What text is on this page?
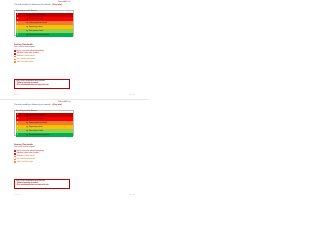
NaturalArt Ltd
The risk posed by a Hierarchy of controls... (Key info)
Reasonably practicable Measures
P	e.g. Avoid the risk completely
M	e.g. Substitute the hazard
A	e.g. Isolate people from hazard
T	e.g. Engineering controls
L	e.g. Safe systems of work
V	e.g. Personal protective equipment
Scoring Thresholds
Once a score has been assigned...
High = risk must be reduced immediately
Significant = plan action to reduce
Moderate = review controls
Low = monitor and maintain
Trivial = no further action
Until a score is determined, do not proceed:
• Follow a hierarchy of controls
• If the consideration does not reduce the risk
Version 1.0	Page 1 of 2
NaturalArt Ltd
The risk posed by a Hierarchy of controls... (Key info)
Reasonably practicable Measures
P	e.g. Avoid the risk completely
M	e.g. Substitute the hazard
A	e.g. Isolate people from hazard
T	e.g. Engineering controls
L	e.g. Safe systems of work
V	e.g. Personal protective equipment
Scoring Thresholds
Once a score has been assigned...
High = risk must be reduced immediately
Significant = plan action to reduce
Moderate = review controls
Low = monitor and maintain
Trivial = no further action
Until a score is determined, do not proceed:
• Follow a hierarchy of controls
• If the consideration does not reduce the risk
Version 1.0	Page 2 of 2
